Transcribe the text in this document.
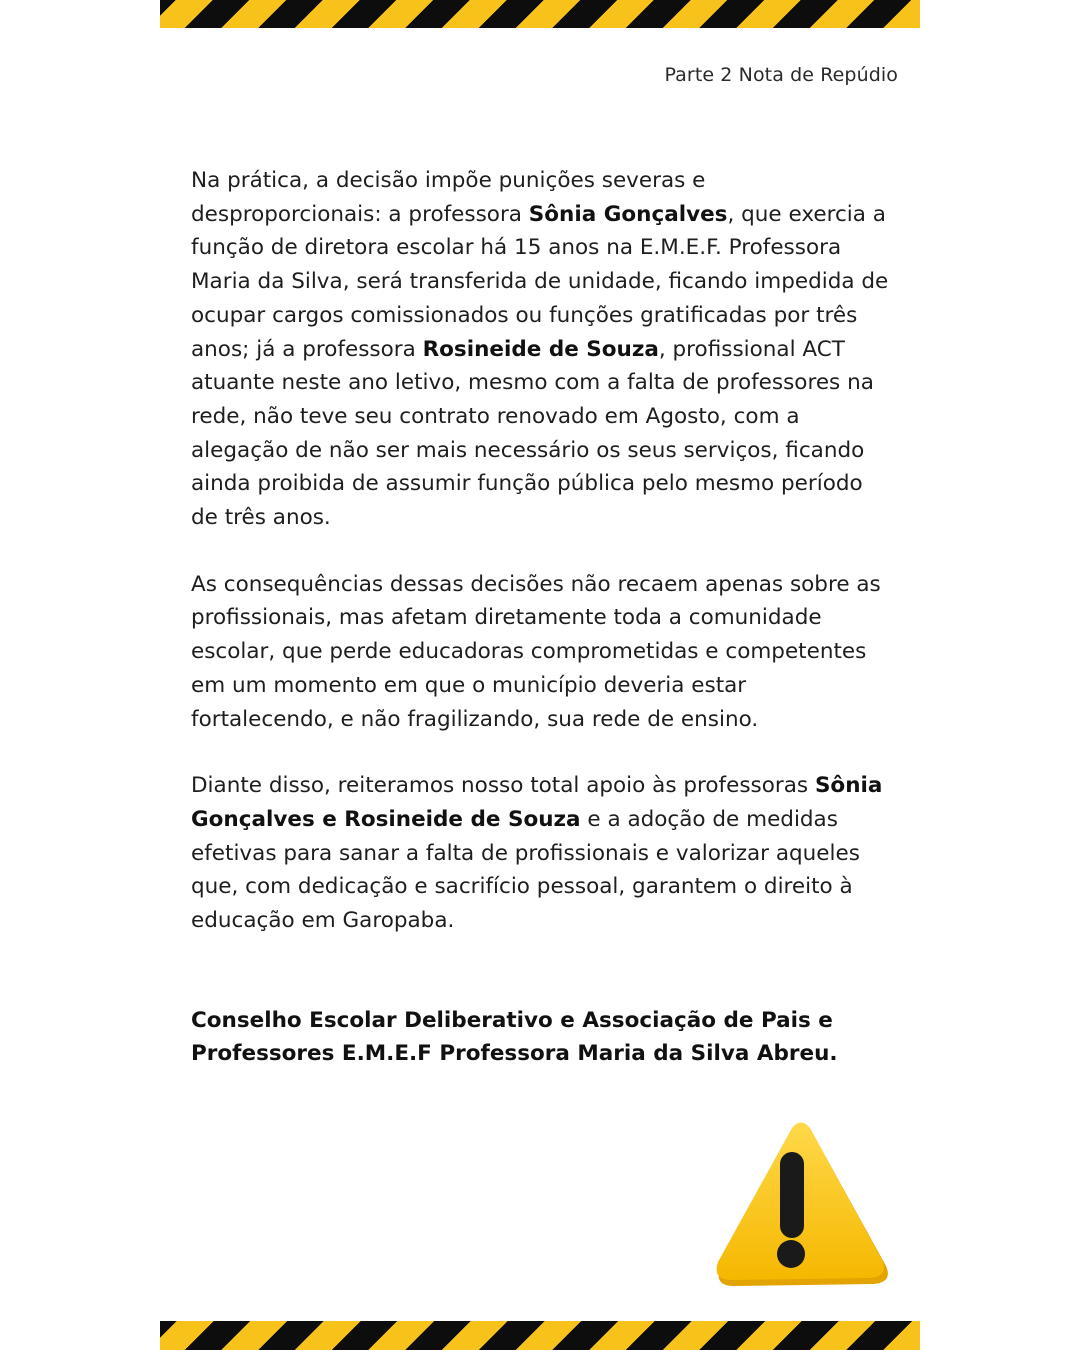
Parte 2 Nota de Repúdio

Na prática, a decisão impõe punições severas e desproporcionais: a professora Sônia Gonçalves, que exercia a função de diretora escolar há 15 anos na E.M.E.F. Professora Maria da Silva, será transferida de unidade, ficando impedida de ocupar cargos comissionados ou funções gratificadas por três anos; já a professora Rosineide de Souza, profissional ACT atuante neste ano letivo, mesmo com a falta de professores na rede, não teve seu contrato renovado em Agosto, com a alegação de não ser mais necessário os seus serviços, ficando ainda proibida de assumir função pública pelo mesmo período de três anos.

As consequências dessas decisões não recaem apenas sobre as profissionais, mas afetam diretamente toda a comunidade escolar, que perde educadoras comprometidas e competentes em um momento em que o município deveria estar fortalecendo, e não fragilizando, sua rede de ensino.

Diante disso, reiteramos nosso total apoio às professoras Sônia Gonçalves e Rosineide de Souza e a adoção de medidas efetivas para sanar a falta de profissionais e valorizar aqueles que, com dedicação e sacrifício pessoal, garantem o direito à educação em Garopaba.

Conselho Escolar Deliberativo e Associação de Pais e Professores E.M.E.F Professora Maria da Silva Abreu.
